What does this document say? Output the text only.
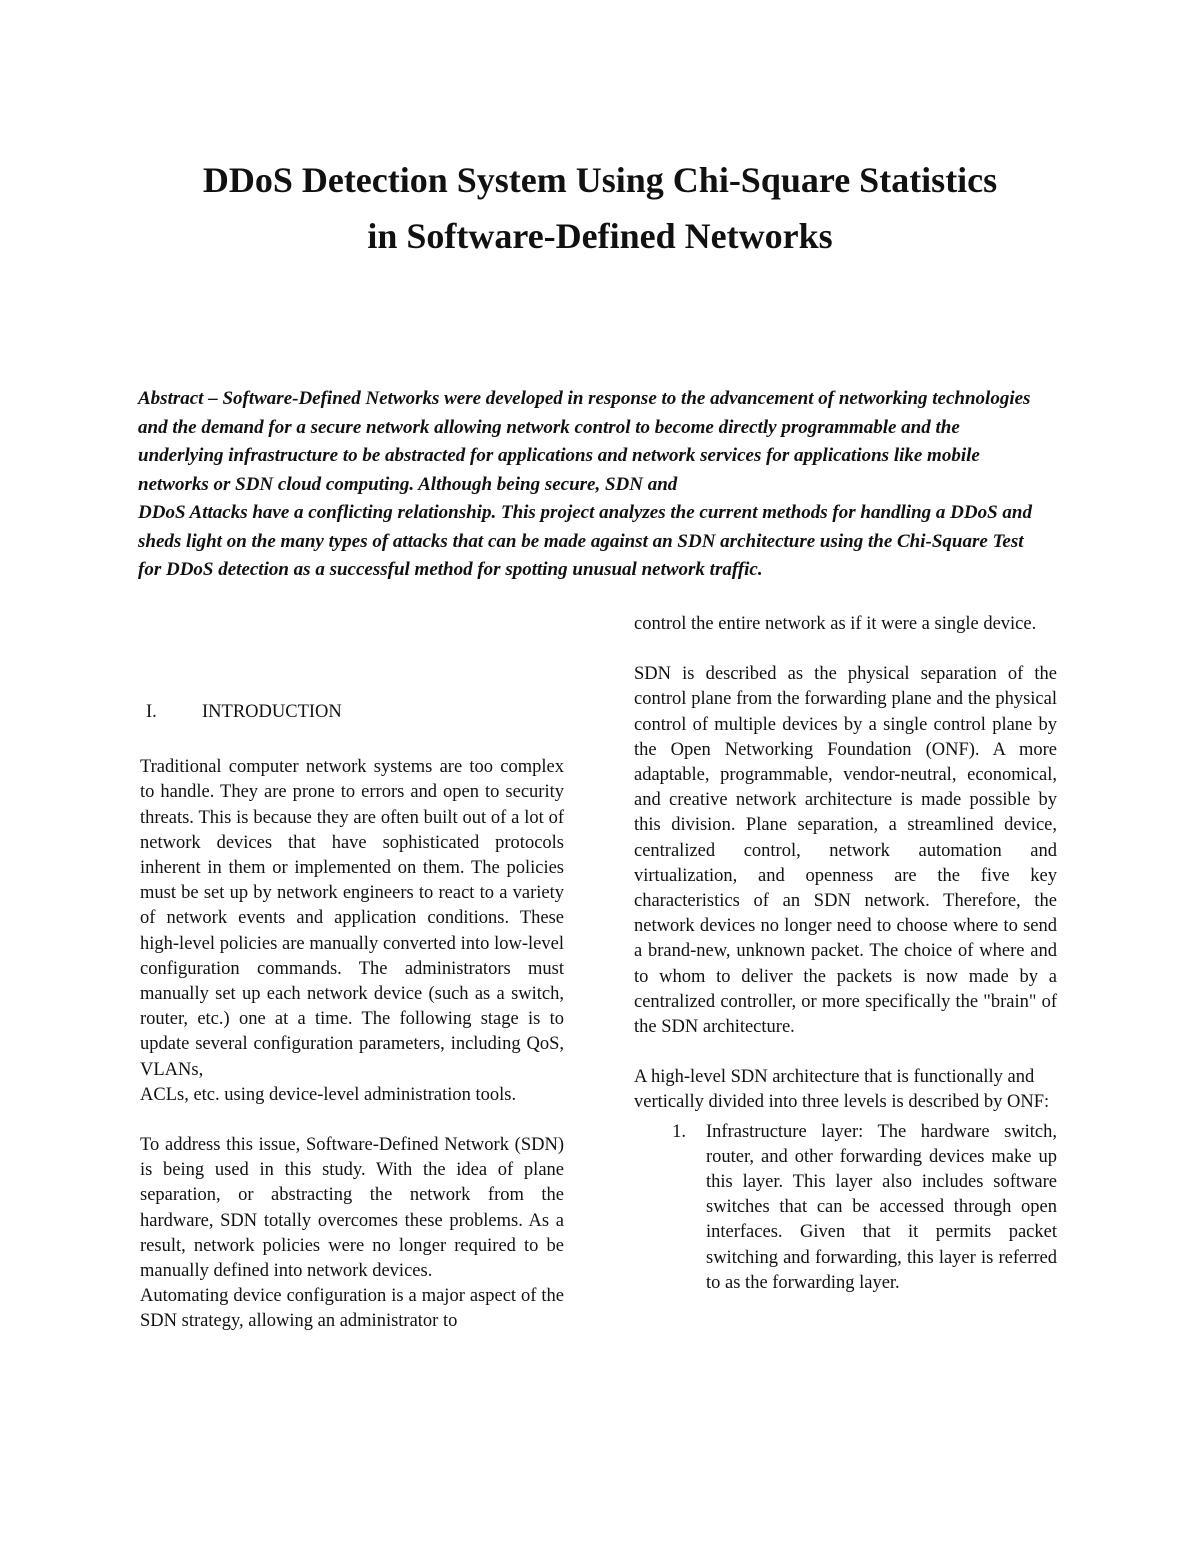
DDoS Detection System Using Chi-Square Statistics
in Software-Defined Networks

Abstract – Software-Defined Networks were developed in response to the advancement of networking technologies and the demand for a secure network allowing network control to become directly programmable and the underlying infrastructure to be abstracted for applications and network services for applications like mobile networks or SDN cloud computing. Although being secure, SDN and

DDoS Attacks have a conflicting relationship. This project analyzes the current methods for handling a DDoS and sheds light on the many types of attacks that can be made against an SDN architecture using the Chi-Square Test for DDoS detection as a successful method for spotting unusual network traffic.

I. INTRODUCTION

Traditional computer network systems are too complex to handle. They are prone to errors and open to security threats. This is because they are often built out of a lot of network devices that have sophisticated protocols inherent in them or implemented on them. The policies must be set up by network engineers to react to a variety of network events and application conditions. These high-level policies are manually converted into low-level configuration commands. The administrators must manually set up each network device (such as a switch, router, etc.) one at a time. The following stage is to update several configuration parameters, including QoS, VLANs,

ACLs, etc. using device-level administration tools.

To address this issue, Software-Defined Network (SDN) is being used in this study. With the idea of plane separation, or abstracting the network from the hardware, SDN totally overcomes these problems. As a result, network policies were no longer required to be manually defined into network devices.

Automating device configuration is a major aspect of the SDN strategy, allowing an administrator to

control the entire network as if it were a single device.

SDN is described as the physical separation of the control plane from the forwarding plane and the physical control of multiple devices by a single control plane by the Open Networking Foundation (ONF). A more adaptable, programmable, vendor-neutral, economical, and creative network architecture is made possible by this division. Plane separation, a streamlined device, centralized control, network automation and virtualization, and openness are the five key characteristics of an SDN network. Therefore, the network devices no longer need to choose where to send a brand-new, unknown packet. The choice of where and to whom to deliver the packets is now made by a centralized controller, or more specifically the "brain" of the SDN architecture.

A high-level SDN architecture that is functionally and vertically divided into three levels is described by ONF:

1.	Infrastructure layer: The hardware switch, router, and other forwarding devices make up this layer. This layer also includes software switches that can be accessed through open interfaces. Given that it permits packet switching and forwarding, this layer is referred to as the forwarding layer.
